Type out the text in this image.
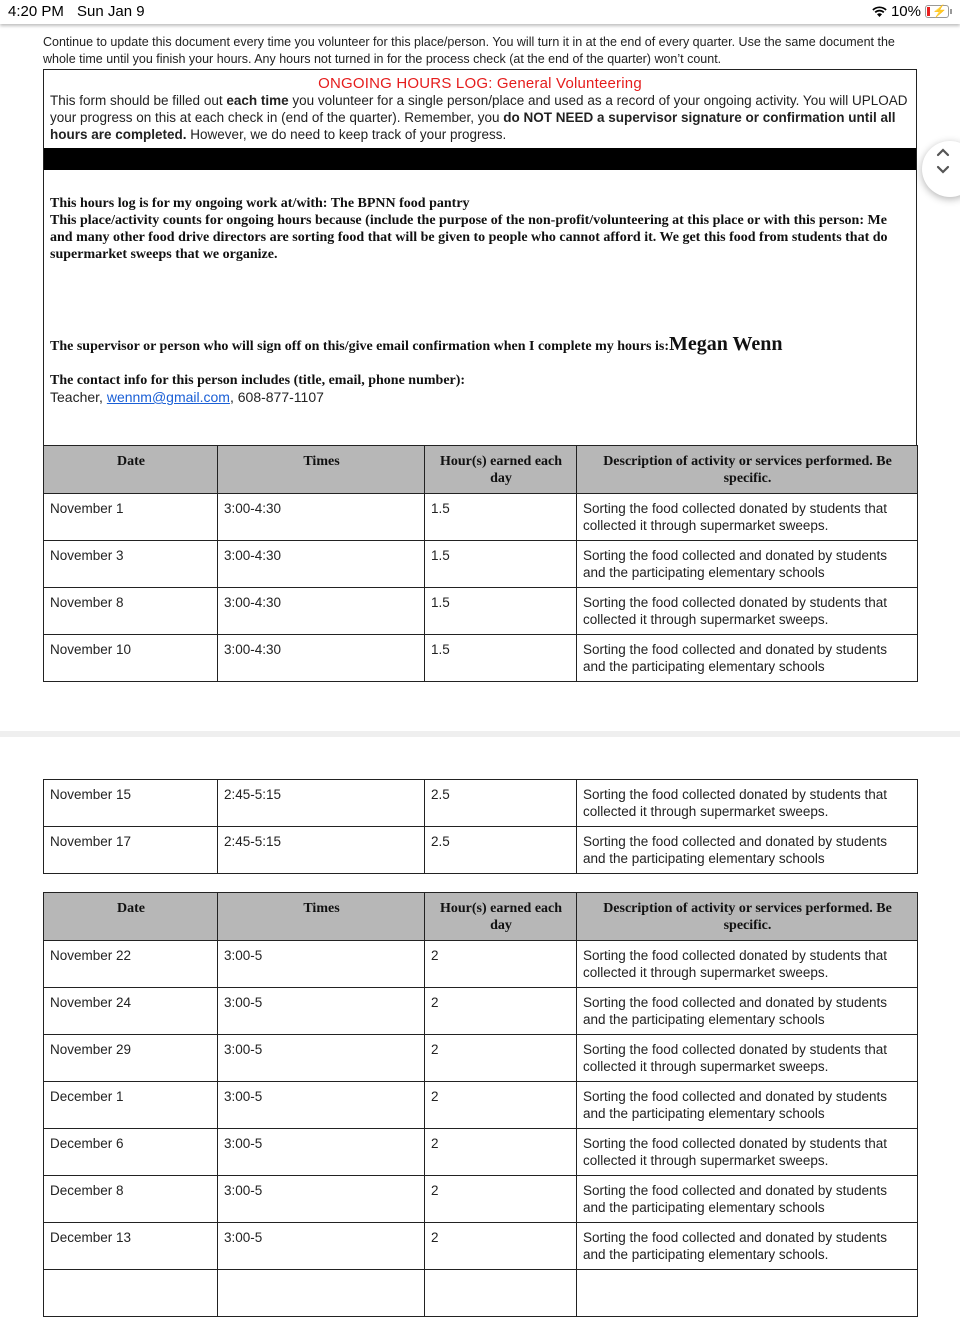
4:20 PM Sun Jan 9	10% ⚡
Continue to update this document every time you volunteer for this place/person. You will turn it in at the end of every quarter. Use the same document the whole time until you finish your hours. Any hours not turned in for the process check (at the end of the quarter) won’t count.
ONGOING HOURS LOG: General Volunteering
This form should be filled out each time you volunteer for a single person/place and used as a record of your ongoing activity. You will UPLOAD your progress on this at each check in (end of the quarter). Remember, you do NOT NEED a supervisor signature or confirmation until all hours are completed. However, we do need to keep track of your progress.
This hours log is for my ongoing work at/with: The BPNN food pantry
This place/activity counts for ongoing hours because (include the purpose of the non-profit/volunteering at this place or with this person: Me and many other food drive directors are sorting food that will be given to people who cannot afford it. We get this food from students that do supermarket sweeps that we organize.
The supervisor or person who will sign off on this/give email confirmation when I complete my hours is:Megan Wenn
The contact info for this person includes (title, email, phone number):
Teacher, wennm@gmail.com, 608-877-1107
Date	Times	Hour(s) earned each day	Description of activity or services performed. Be specific.
November 1	3:00-4:30	1.5	Sorting the food collected donated by students that collected it through supermarket sweeps.
November 3	3:00-4:30	1.5	Sorting the food collected and donated by students and the participating elementary schools
November 8	3:00-4:30	1.5	Sorting the food collected donated by students that collected it through supermarket sweeps.
November 10	3:00-4:30	1.5	Sorting the food collected and donated by students and the participating elementary schools
November 15	2:45-5:15	2.5	Sorting the food collected donated by students that collected it through supermarket sweeps.
November 17	2:45-5:15	2.5	Sorting the food collected and donated by students and the participating elementary schools
Date	Times	Hour(s) earned each day	Description of activity or services performed. Be specific.
November 22	3:00-5	2	Sorting the food collected donated by students that collected it through supermarket sweeps.
November 24	3:00-5	2	Sorting the food collected and donated by students and the participating elementary schools
November 29	3:00-5	2	Sorting the food collected donated by students that collected it through supermarket sweeps.
December 1	3:00-5	2	Sorting the food collected and donated by students and the participating elementary schools
December 6	3:00-5	2	Sorting the food collected donated by students that collected it through supermarket sweeps.
December 8	3:00-5	2	Sorting the food collected and donated by students and the participating elementary schools
December 13	3:00-5	2	Sorting the food collected and donated by students and the participating elementary schools.
